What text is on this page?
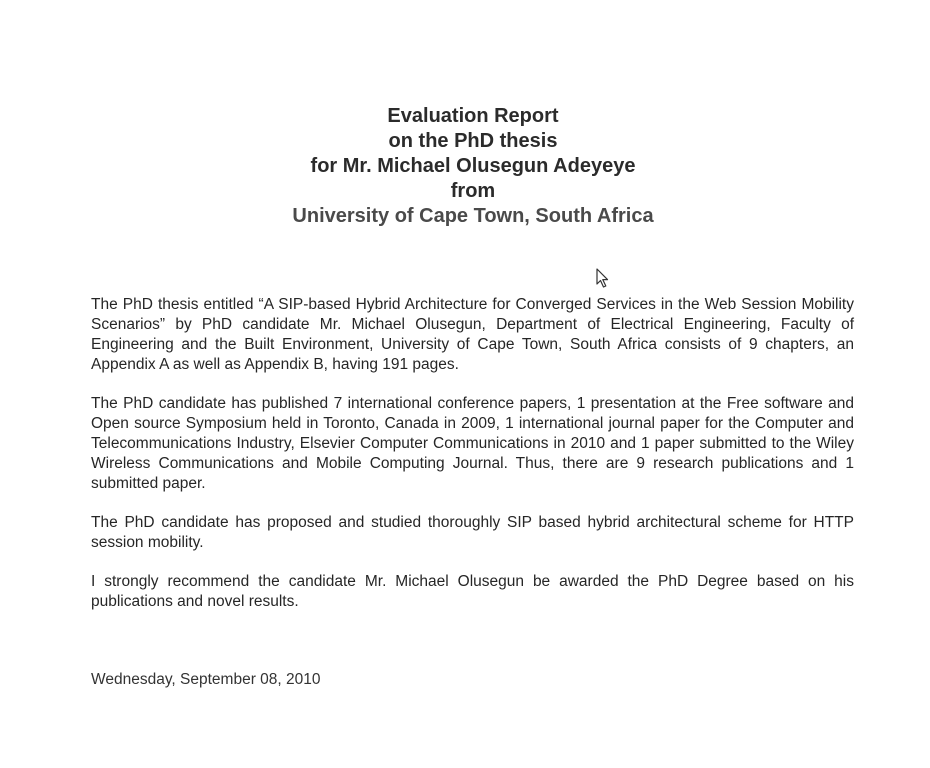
Evaluation Report
on the PhD thesis
for Mr. Michael Olusegun Adeyeye
from
University of Cape Town, South Africa
The PhD thesis entitled “A SIP-based Hybrid Architecture for Converged Services in the Web Session Mobility Scenarios” by PhD candidate Mr. Michael Olusegun, Department of Electrical Engineering, Faculty of Engineering and the Built Environment, University of Cape Town, South Africa consists of 9 chapters, an Appendix A as well as Appendix B, having 191 pages.
The PhD candidate has published 7 international conference papers, 1 presentation at the Free software and Open source Symposium held in Toronto, Canada in 2009, 1 international journal paper for the Computer and Telecommunications Industry, Elsevier Computer Communications in 2010 and 1 paper submitted to the Wiley Wireless Communications and Mobile Computing Journal. Thus, there are 9 research publications and 1 submitted paper.
The PhD candidate has proposed and studied thoroughly SIP based hybrid architectural scheme for HTTP session mobility.
I strongly recommend the candidate Mr. Michael Olusegun be awarded the PhD Degree based on his publications and novel results.
Wednesday, September 08, 2010
